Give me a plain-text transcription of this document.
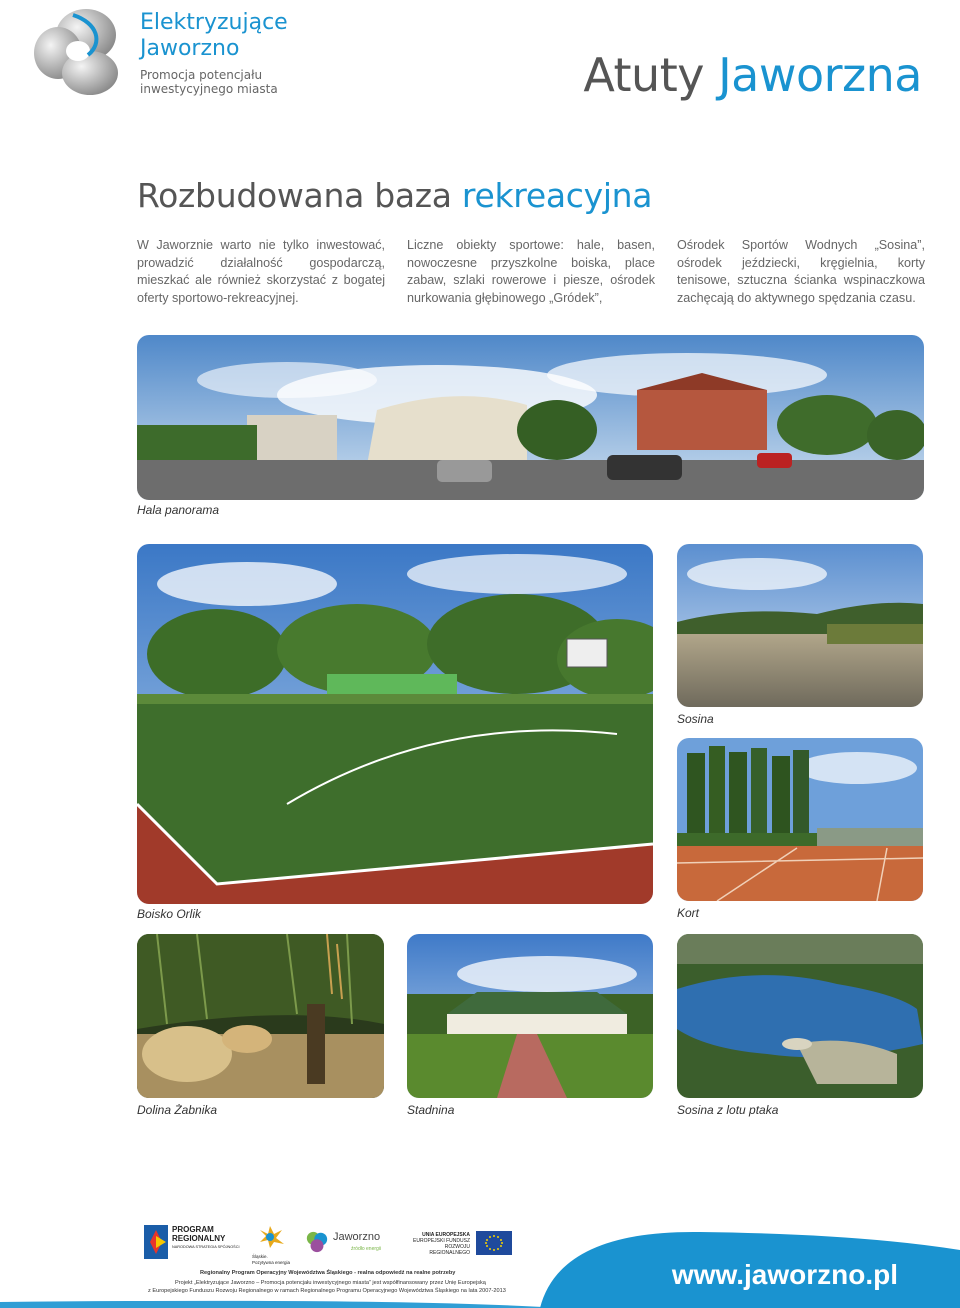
Elektryzujące
Jaworzno
Promocja potencjału
inwestycyjnego miasta	Atuty Jaworzna
Rozbudowana baza rekreacyjna

W Jaworznie warto nie tylko inwestować, prowadzić działalność gospodarczą, mieszkać ale również skorzystać z bogatej oferty sportowo-rekreacyjnej.

Liczne obiekty sportowe: hale, basen, nowoczesne przyszkolne boiska, place zabaw, szlaki rowerowe i piesze, ośrodek nurkowania głębinowego „Gródek”,

Ośrodek Sportów Wodnych „Sosina”, ośrodek jeździecki, kręgielnia, korty tenisowe, sztuczna ścianka wspinaczkowa zachęcają do aktywnego spędzania czasu.

Hala panorama
Boisko Orlik
Sosina
Kort
Dolina Żabnika	Stadnina	Sosina z lotu ptaka
PROGRAM
REGIONALNY
NARODOWA STRATEGIA SPÓJNOŚCI
Śląskie.
Pozytywna energia
Jaworzno
źródło energii
UNIA EUROPEJSKA
EUROPEJSKI FUNDUSZ
ROZWOJU REGIONALNEGO
Regionalny Program Operacyjny Województwa Śląskiego - realna odpowiedź na realne potrzeby
Projekt „Elektryzujące Jaworzno – Promocja potencjału inwestycyjnego miasta” jest współfinansowany przez Unię Europejską
z Europejskiego Funduszu Rozwoju Regionalnego w ramach Regionalnego Programu Operacyjnego Województwa Śląskiego na lata 2007-2013
www.jaworzno.pl
